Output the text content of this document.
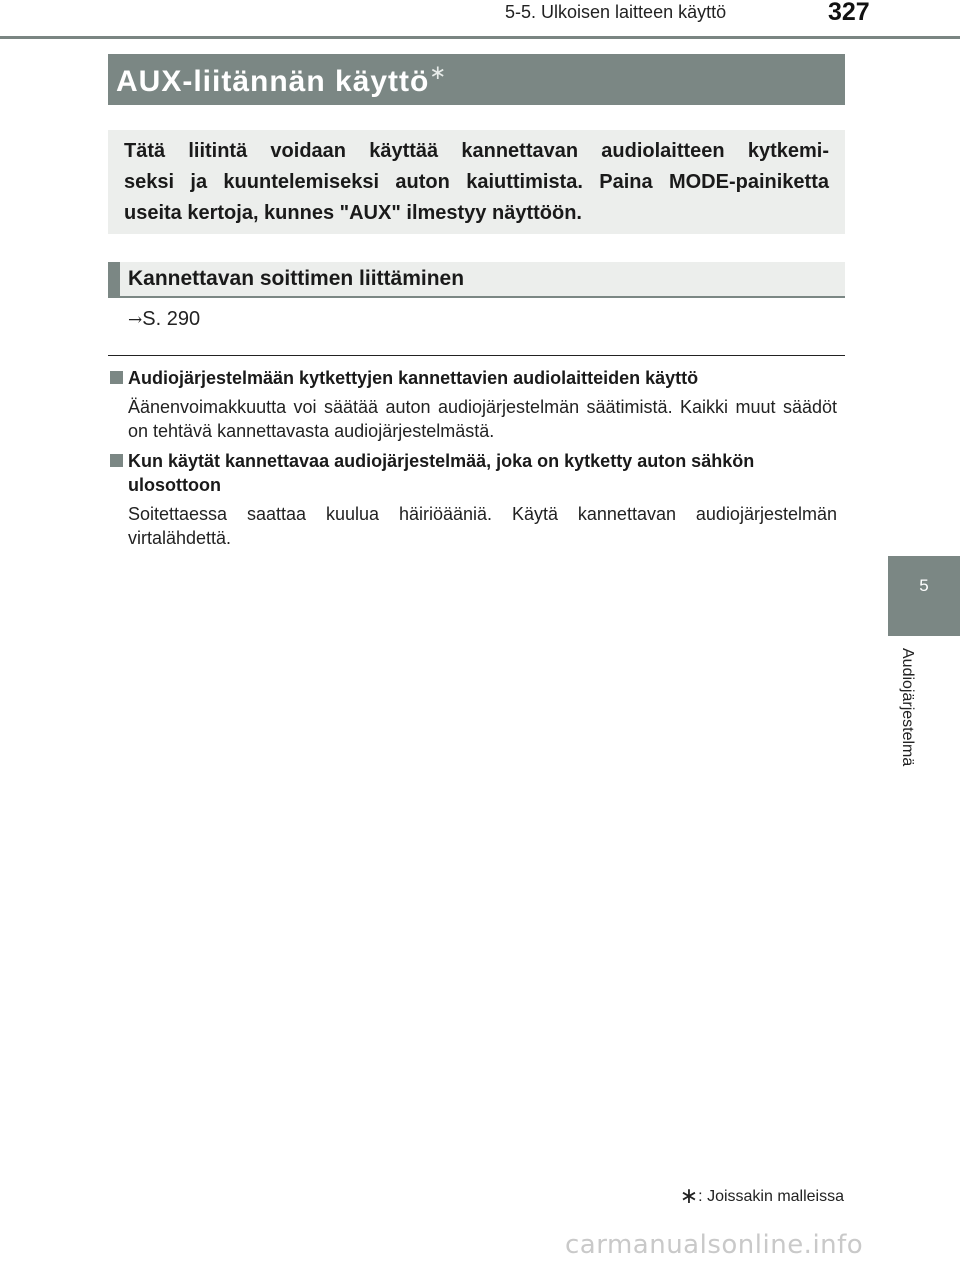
5-5. Ulkoisen laitteen käyttö	327
AUX-liitännän käyttö∗

Tätä liitintä voidaan käyttää kannettavan audiolaitteen kytkemi-
seksi ja kuuntelemiseksi auton kaiuttimista. Paina MODE-painiketta
useita kertoja, kunnes "AUX" ilmestyy näyttöön.

Kannettavan soittimen liittäminen
→S. 290
Audiojärjestelmään kytkettyjen kannettavien audiolaitteiden käyttö
Äänenvoimakkuutta voi säätää auton audiojärjestelmän säätimistä. Kaikki muut säädöt on tehtävä kannettavasta audiojärjestelmästä.
Kun käytät kannettavaa audiojärjestelmää, joka on kytketty auton sähkön ulosottoon
Soitettaessa saattaa kuulua häiriöääniä. Käytä kannettavan audiojärjestelmän virtalähdettä.
5
Audiojärjestelmä
∗: Joissakin malleissa
carmanualsonline.info
